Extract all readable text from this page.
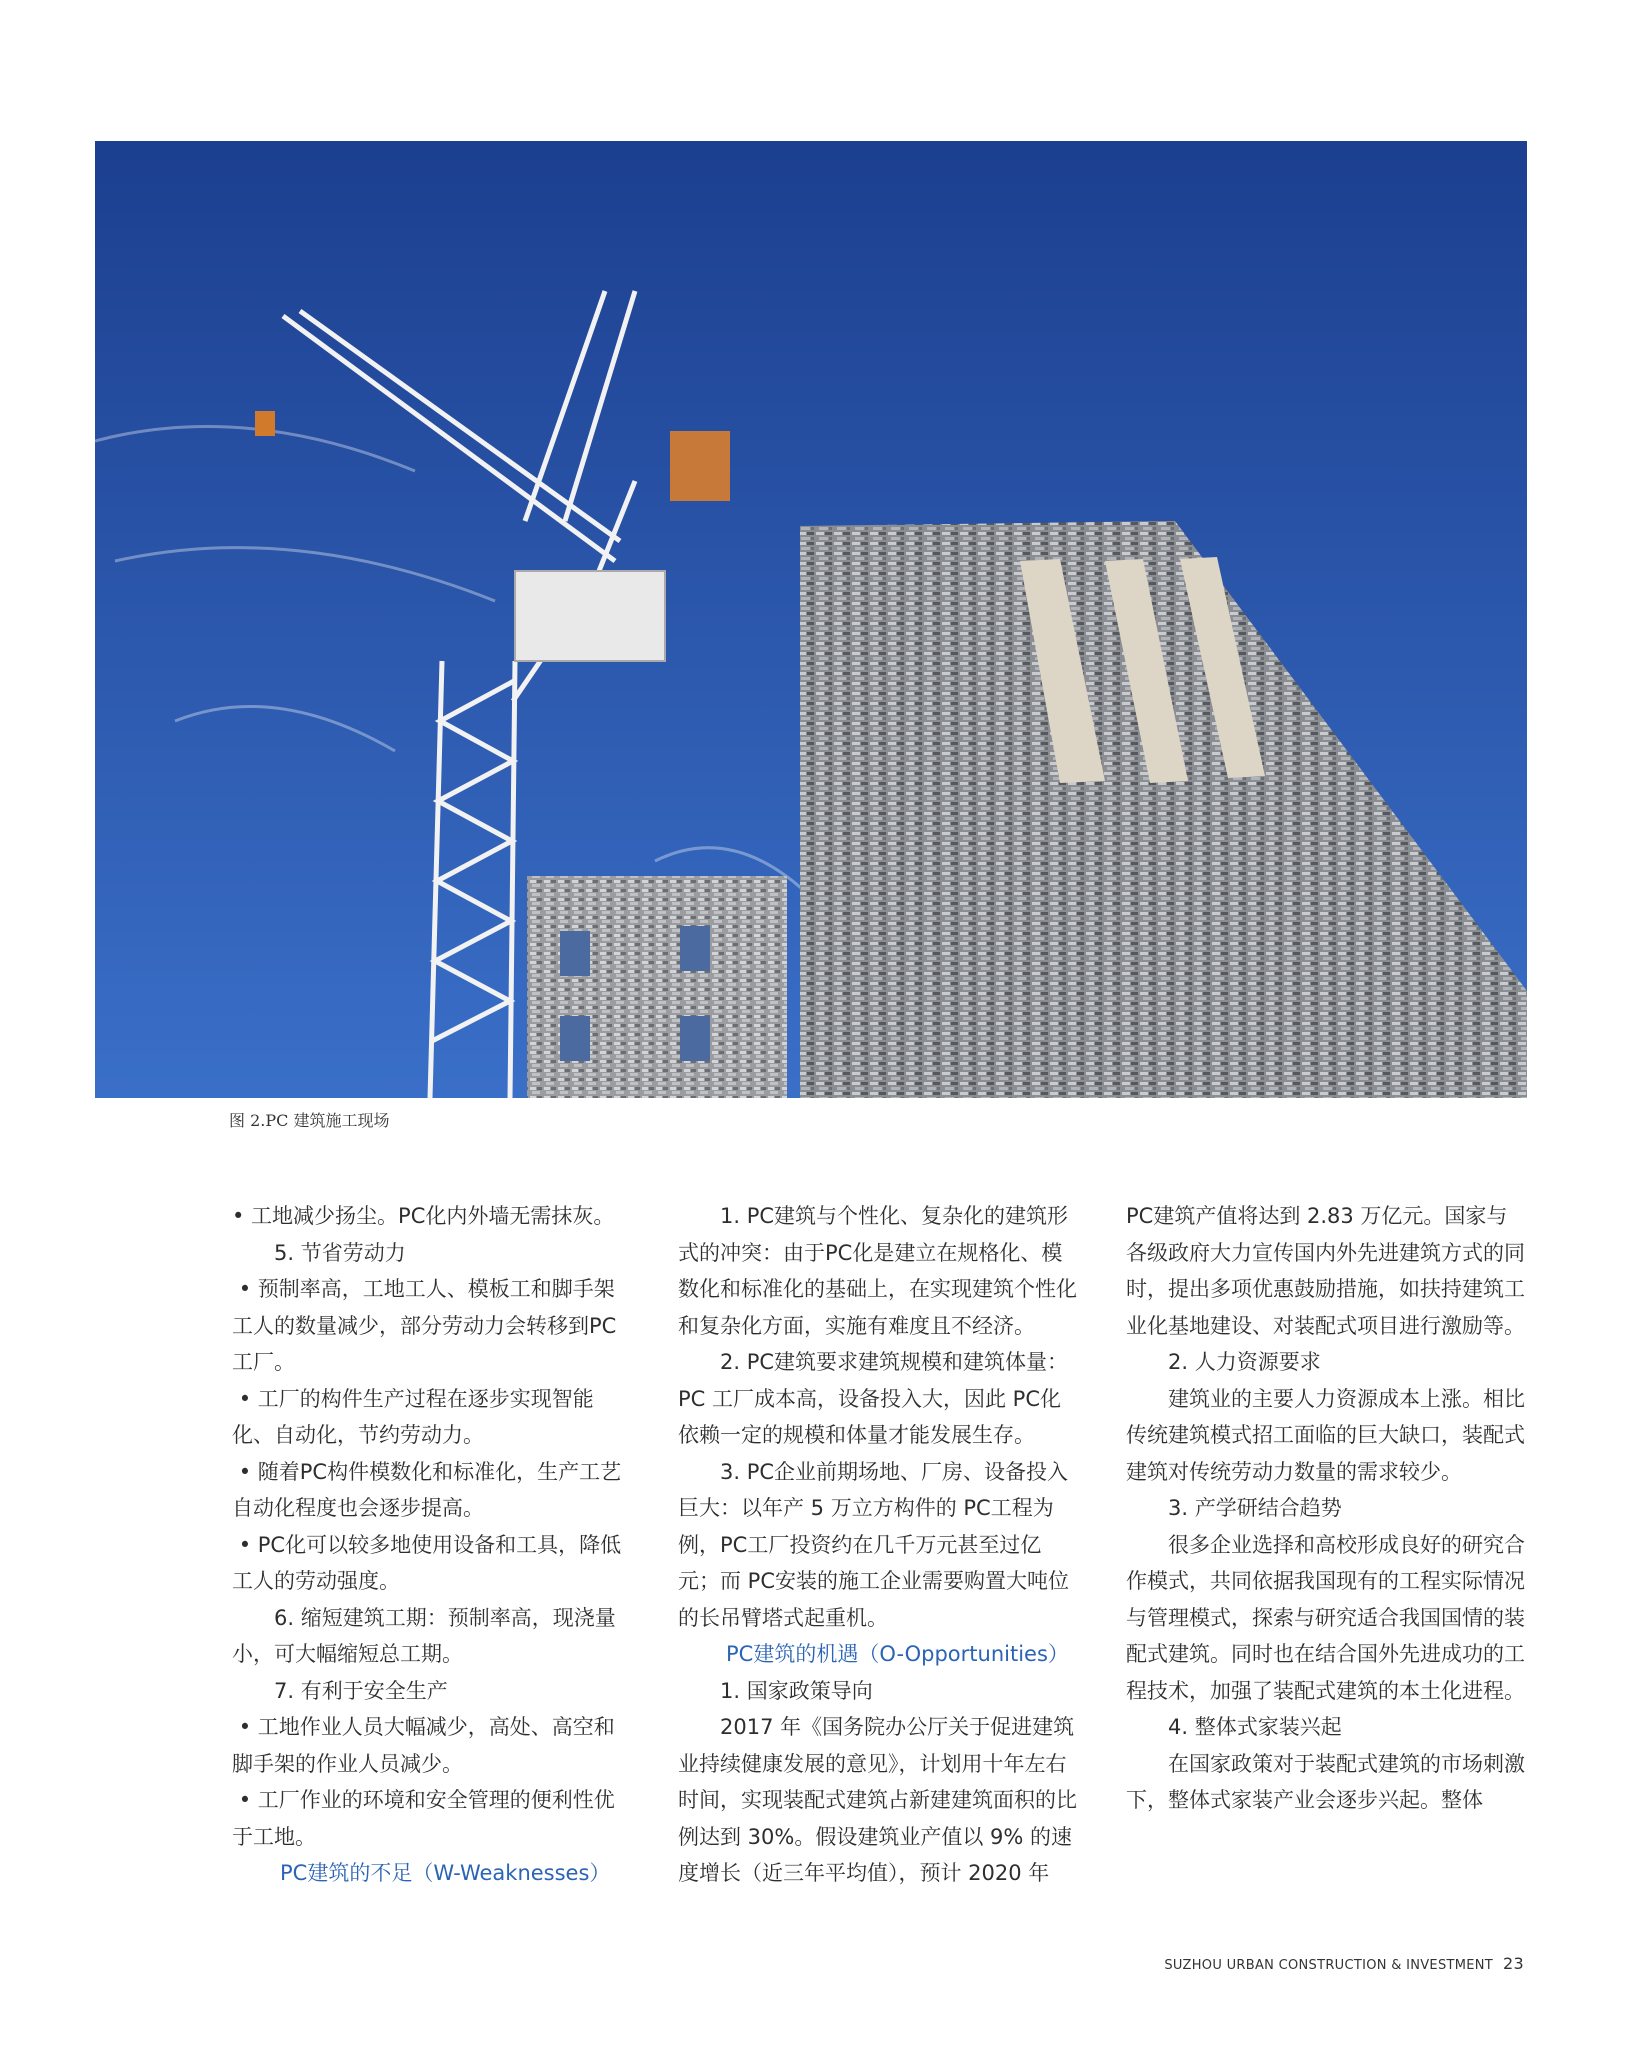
图 2.PC 建筑施工现场

• 工地减少扬尘。PC化内外墙无需抹灰。

5. 节省劳动力

• 预制率高，工地工人、模板工和脚手架工人的数量减少，部分劳动力会转移到PC工厂。

• 工厂的构件生产过程在逐步实现智能化、自动化，节约劳动力。

• 随着PC构件模数化和标准化，生产工艺自动化程度也会逐步提高。

• PC化可以较多地使用设备和工具，降低工人的劳动强度。

6. 缩短建筑工期：预制率高，现浇量小，可大幅缩短总工期。

7. 有利于安全生产

• 工地作业人员大幅减少，高处、高空和脚手架的作业人员减少。

• 工厂作业的环境和安全管理的便利性优于工地。

PC建筑的不足（W-Weaknesses）

1. PC建筑与个性化、复杂化的建筑形式的冲突：由于PC化是建立在规格化、模数化和标准化的基础上，在实现建筑个性化和复杂化方面，实施有难度且不经济。

2. PC建筑要求建筑规模和建筑体量：PC 工厂成本高，设备投入大，因此 PC化依赖一定的规模和体量才能发展生存。

3. PC企业前期场地、厂房、设备投入巨大：以年产 5 万立方构件的 PC工程为例，PC工厂投资约在几千万元甚至过亿元；而 PC安装的施工企业需要购置大吨位的长吊臂塔式起重机。

PC建筑的机遇（O-Opportunities）

1. 国家政策导向

2017 年《国务院办公厅关于促进建筑业持续健康发展的意见》，计划用十年左右时间，实现装配式建筑占新建建筑面积的比例达到 30%。假设建筑业产值以 9% 的速度增长（近三年平均值），预计 2020 年

PC建筑产值将达到 2.83 万亿元。国家与各级政府大力宣传国内外先进建筑方式的同时，提出多项优惠鼓励措施，如扶持建筑工业化基地建设、对装配式项目进行激励等。

2. 人力资源要求

建筑业的主要人力资源成本上涨。相比传统建筑模式招工面临的巨大缺口，装配式建筑对传统劳动力数量的需求较少。

3. 产学研结合趋势

很多企业选择和高校形成良好的研究合作模式，共同依据我国现有的工程实际情况与管理模式，探索与研究适合我国国情的装配式建筑。同时也在结合国外先进成功的工程技术，加强了装配式建筑的本土化进程。

4. 整体式家装兴起

在国家政策对于装配式建筑的市场刺激下，整体式家装产业会逐步兴起。整体

SUZHOU URBAN CONSTRUCTION & INVESTMENT 23
